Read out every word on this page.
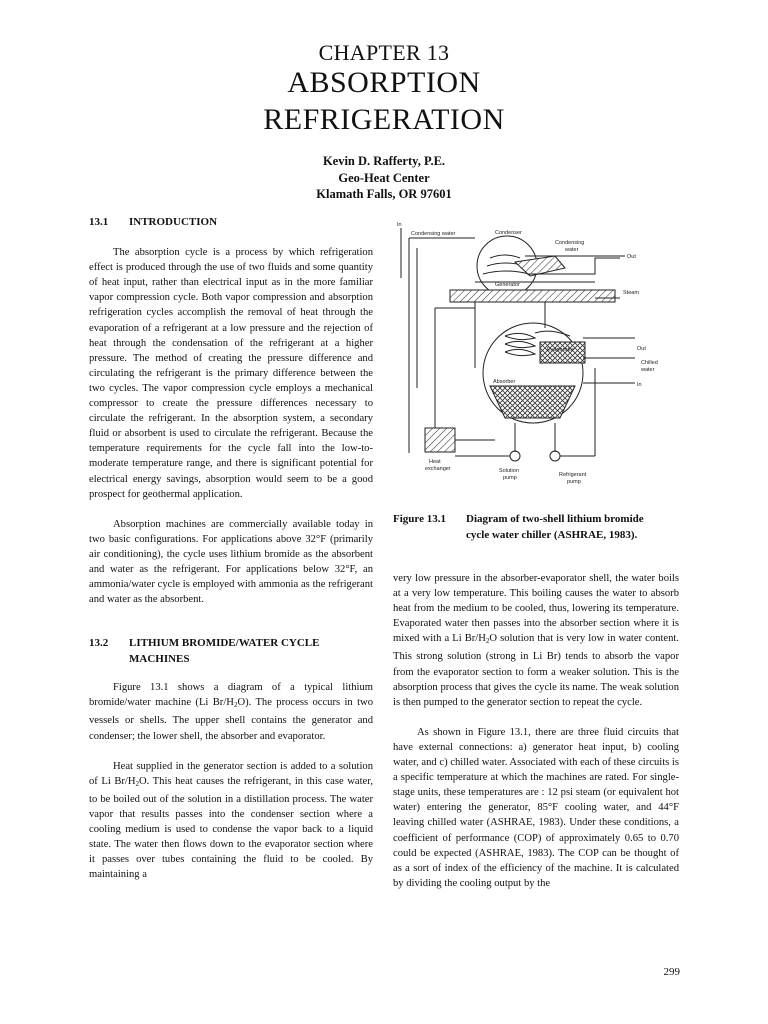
CHAPTER 13
ABSORPTION
REFRIGERATION
Kevin D. Rafferty, P.E.
Geo-Heat Center
Klamath Falls, OR 97601
13.1 INTRODUCTION
The absorption cycle is a process by which refrigeration effect is produced through the use of two fluids and some quantity of heat input, rather than electrical input as in the more familiar vapor compression cycle. Both vapor compression and absorption refrigeration cycles accomplish the removal of heat through the evaporation of a refrigerant at a low pressure and the rejection of heat through the condensation of the refrigerant at a higher pressure. The method of creating the pressure difference and circulating the refrigerant is the primary difference between the two cycles. The vapor compression cycle employs a mechanical compressor to create the pressure differences necessary to circulate the refrigerant. In the absorption system, a secondary fluid or absorbent is used to circulate the refrigerant. Because the temperature requirements for the cycle fall into the low-to-moderate temperature range, and there is significant potential for electrical energy savings, absorption would seem to be a good prospect for geothermal application.
Absorption machines are commercially available today in two basic configurations. For applications above 32°F (primarily air conditioning), the cycle uses lithium bromide as the absorbent and water as the refrigerant. For applications below 32°F, an ammonia/water cycle is employed with ammonia as the refrigerant and water as the absorbent.
13.2 LITHIUM BROMIDE/WATER CYCLE
MACHINES
Figure 13.1 shows a diagram of a typical lithium bromide/water machine (Li $Br/H_2O$). The process occurs in two vessels or shells. The upper shell contains the generator and condenser; the lower shell, the absorber and evaporator.
Heat supplied in the generator section is added to a solution of Li $Br/H_2O$. This heat causes the refrigerant, in this case water, to be boiled out of the solution in a distillation process. The water vapor that results passes into the condenser section where a cooling medium is used to condense the vapor back to a liquid state. The water then flows down to the evaporator section where it passes over tubes containing the fluid to be cooled. By maintaining a
In
Condensing water	Condenser
Condensing
water
Out
Generator
Steam
Evaporator	Out
Chilled
water
In
Absorber
Heat
exchanger	Solution
pump	Refrigerant
pump
Figure 13.1 Diagram of two-shell lithium bromide
cycle water chiller (ASHRAE, 1983).
very low pressure in the absorber-evaporator shell, the water boils at a very low temperature. This boiling causes the water to absorb heat from the medium to be cooled, thus, lowering its temperature. Evaporated water then passes into the absorber section where it is mixed with a Li $Br/H_2O$ solution that is very low in water content. This strong solution (strong in Li Br) tends to absorb the vapor from the evaporator section to form a weaker solution. This is the absorption process that gives the cycle its name. The weak solution is then pumped to the generator section to repeat the cycle.
As shown in Figure 13.1, there are three fluid circuits that have external connections: a) generator heat input, b) cooling water, and c) chilled water. Associated with each of these circuits is a specific temperature at which the machines are rated. For single-stage units, these temperatures are : 12 psi steam (or equivalent hot water) entering the generator, 85°F cooling water, and 44°F leaving chilled water (ASHRAE, 1983). Under these conditions, a coefficient of performance (COP) of approximately 0.65 to 0.70 could be expected (ASHRAE, 1983). The COP can be thought of as a sort of index of the efficiency of the machine. It is calculated by dividing the cooling output by the
299
